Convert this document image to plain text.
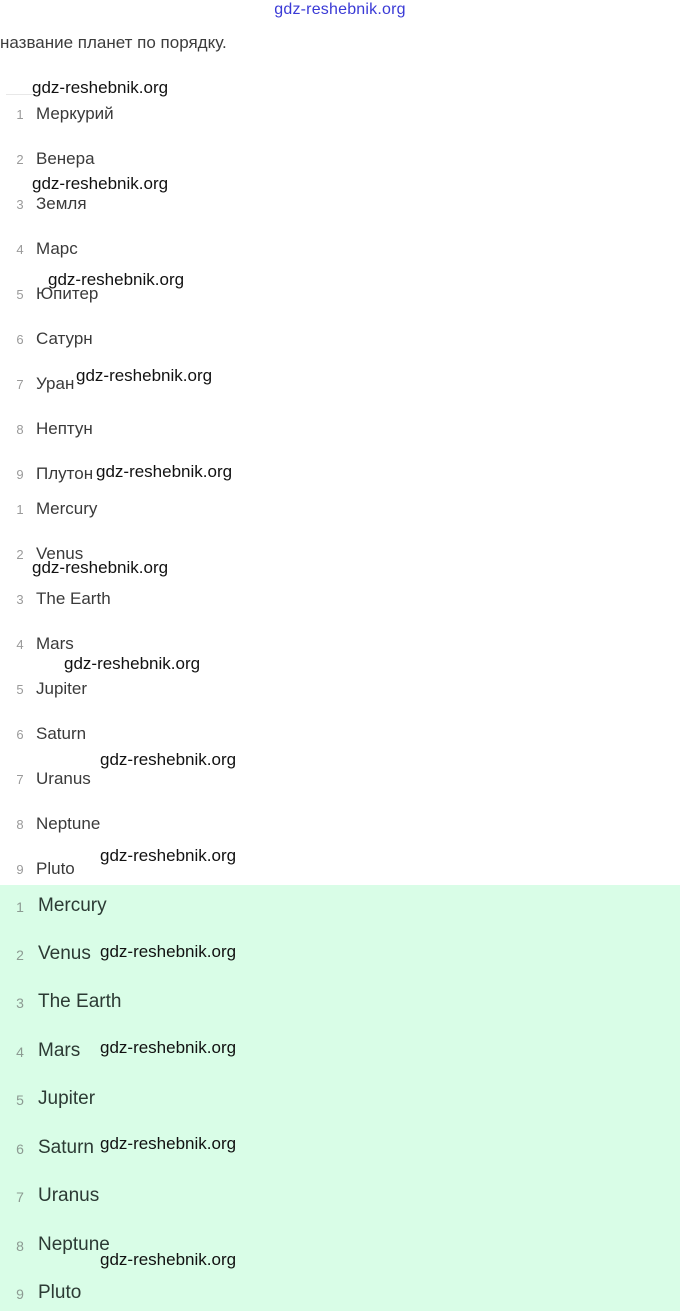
gdz-reshebnik.org
название планет по порядку.
1 Меркурий
2 Венера
3 Земля
4 Марс
5 Юпитер
6 Сатурн
7 Уран
8 Нептун
9 Плутон
1 Mercury
2 Venus
3 The Earth
4 Mars
5 Jupiter
6 Saturn
7 Uranus
8 Neptune
9 Pluto
1 Mercury
2 Venus
3 The Earth
4 Mars
5 Jupiter
6 Saturn
7 Uranus
8 Neptune
9 Pluto
gdz-reshebnik.org
gdz-reshebnik.org
gdz-reshebnik.org
gdz-reshebnik.org
gdz-reshebnik.org
gdz-reshebnik.org
gdz-reshebnik.org
gdz-reshebnik.org
gdz-reshebnik.org
gdz-reshebnik.org
gdz-reshebnik.org
gdz-reshebnik.org
gdz-reshebnik.org
